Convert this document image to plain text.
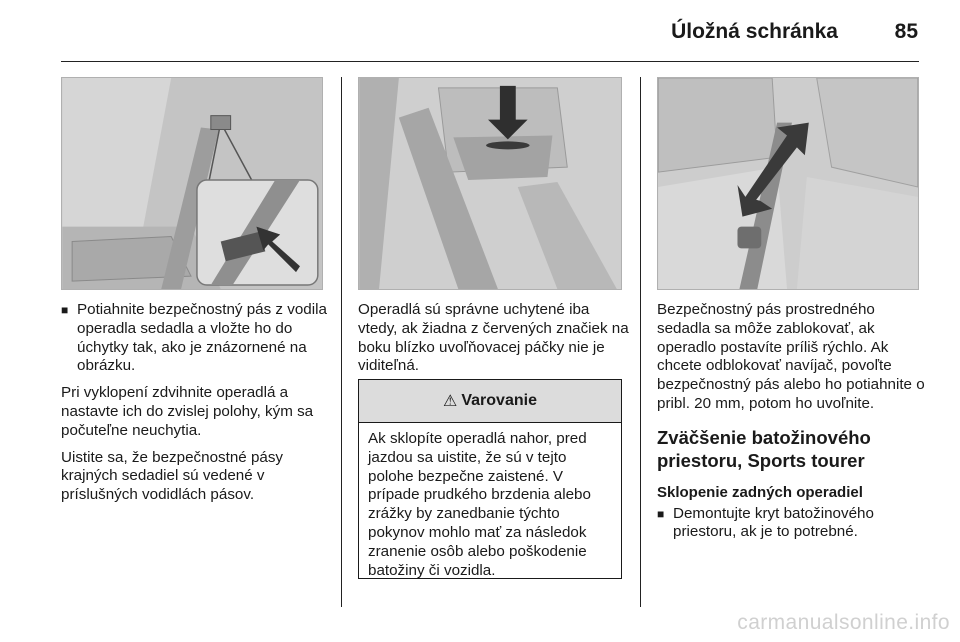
Úložná schránka	85
■ Potiahnite bezpečnostný pás z vodila operadla sedadla a vložte ho do úchytky tak, ako je znázornené na obrázku.

Pri vyklopení zdvihnite operadlá a nastavte ich do zvislej polohy, kým sa počuteľne neuchytia.

Uistite sa, že bezpečnostné pásy krajných sedadiel sú vedené v príslušných vodidlách pásov.

Operadlá sú správne uchytené iba vtedy, ak žiadna z červených značiek na boku blízko uvoľňovacej páčky nie je viditeľná.

⚠ Varovanie
Ak sklopíte operadlá nahor, pred jazdou sa uistite, že sú v tejto polohe bezpečne zaistené. V prípade prudkého brzdenia alebo zrážky by zanedbanie týchto pokynov mohlo mať za následok zranenie osôb alebo poškodenie batožiny či vozidla.

Bezpečnostný pás prostredného sedadla sa môže zablokovať, ak operadlo postavíte príliš rýchlo. Ak chcete odblokovať navíjač, povoľte bezpečnostný pás alebo ho potiahnite o pribl. 20 mm, potom ho uvoľnite.

Zväčšenie batožinového priestoru, Sports tourer
Sklopenie zadných operadiel
■ Demontujte kryt batožinového priestoru, ak je to potrebné.
carmanualsonline.info
